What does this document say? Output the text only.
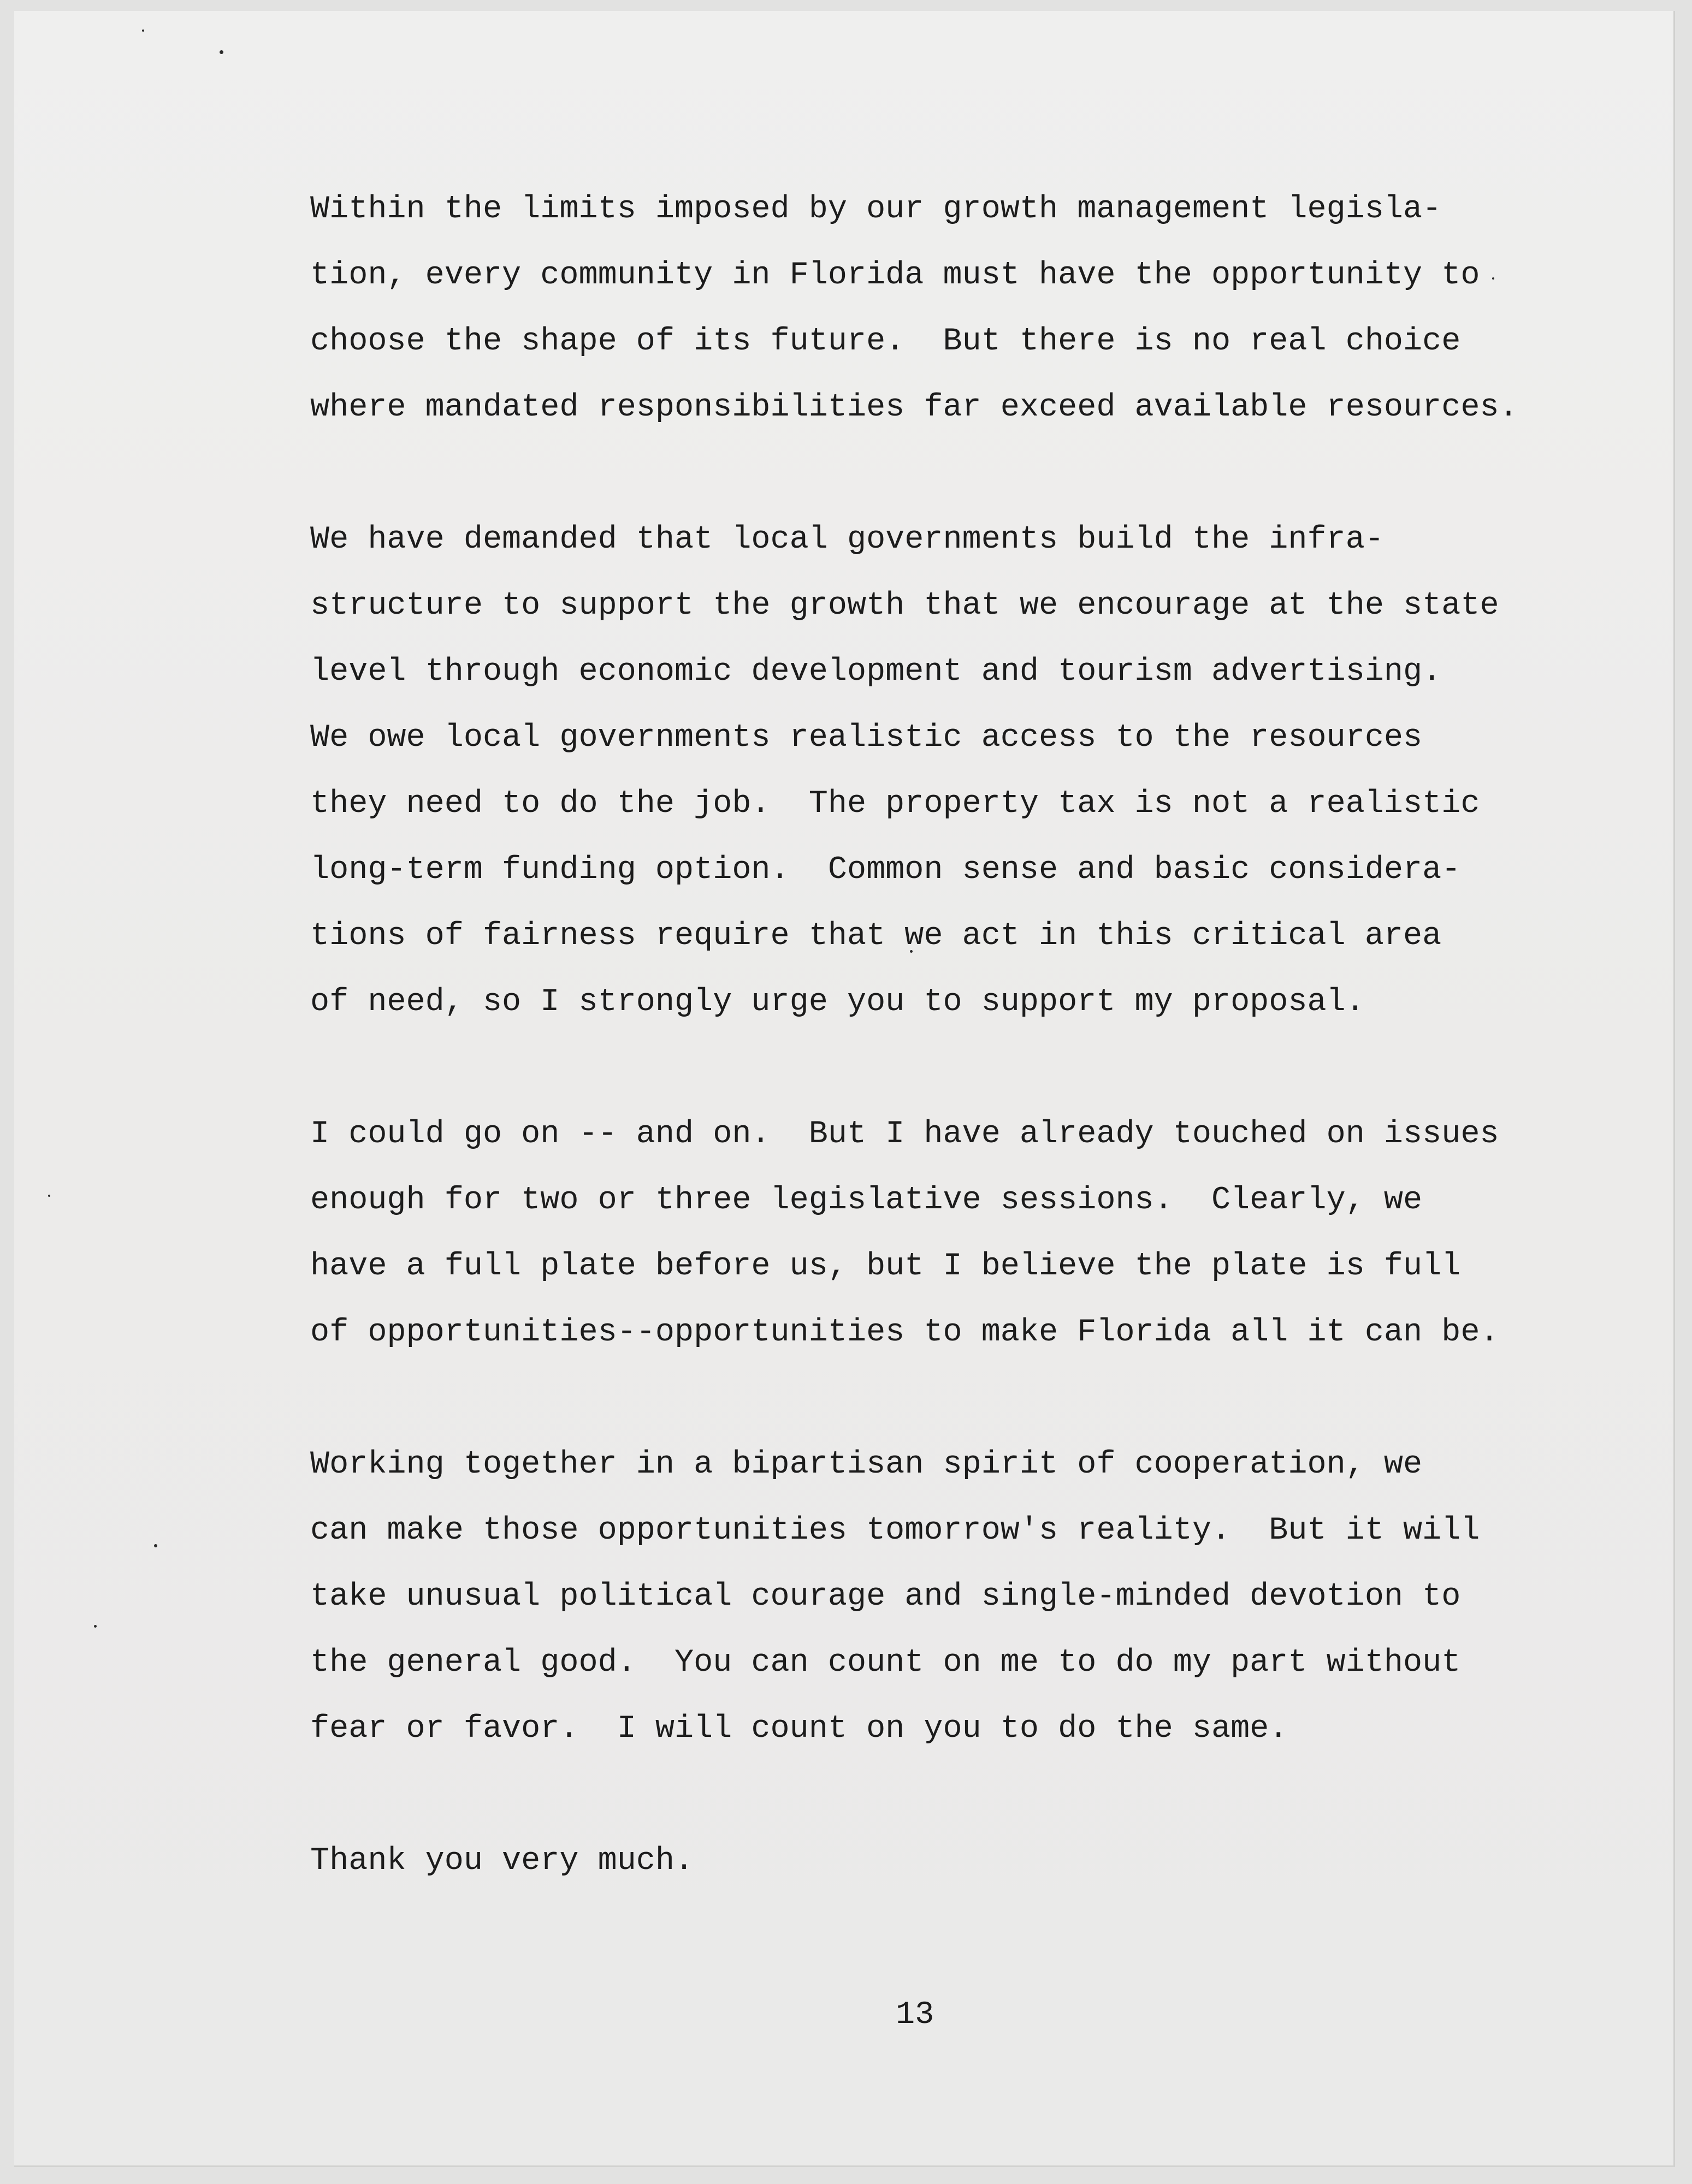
Within the limits imposed by our growth management legisla-
tion, every community in Florida must have the opportunity to
choose the shape of its future.  But there is no real choice
where mandated responsibilities far exceed available resources.
We have demanded that local governments build the infra-
structure to support the growth that we encourage at the state
level through economic development and tourism advertising.
We owe local governments realistic access to the resources
they need to do the job.  The property tax is not a realistic
long-term funding option.  Common sense and basic considera-
tions of fairness require that we act in this critical area
of need, so I strongly urge you to support my proposal.
I could go on -- and on.  But I have already touched on issues
enough for two or three legislative sessions.  Clearly, we
have a full plate before us, but I believe the plate is full
of opportunities--opportunities to make Florida all it can be.
Working together in a bipartisan spirit of cooperation, we
can make those opportunities tomorrow's reality.  But it will
take unusual political courage and single-minded devotion to
the general good.  You can count on me to do my part without
fear or favor.  I will count on you to do the same.
Thank you very much.
13
